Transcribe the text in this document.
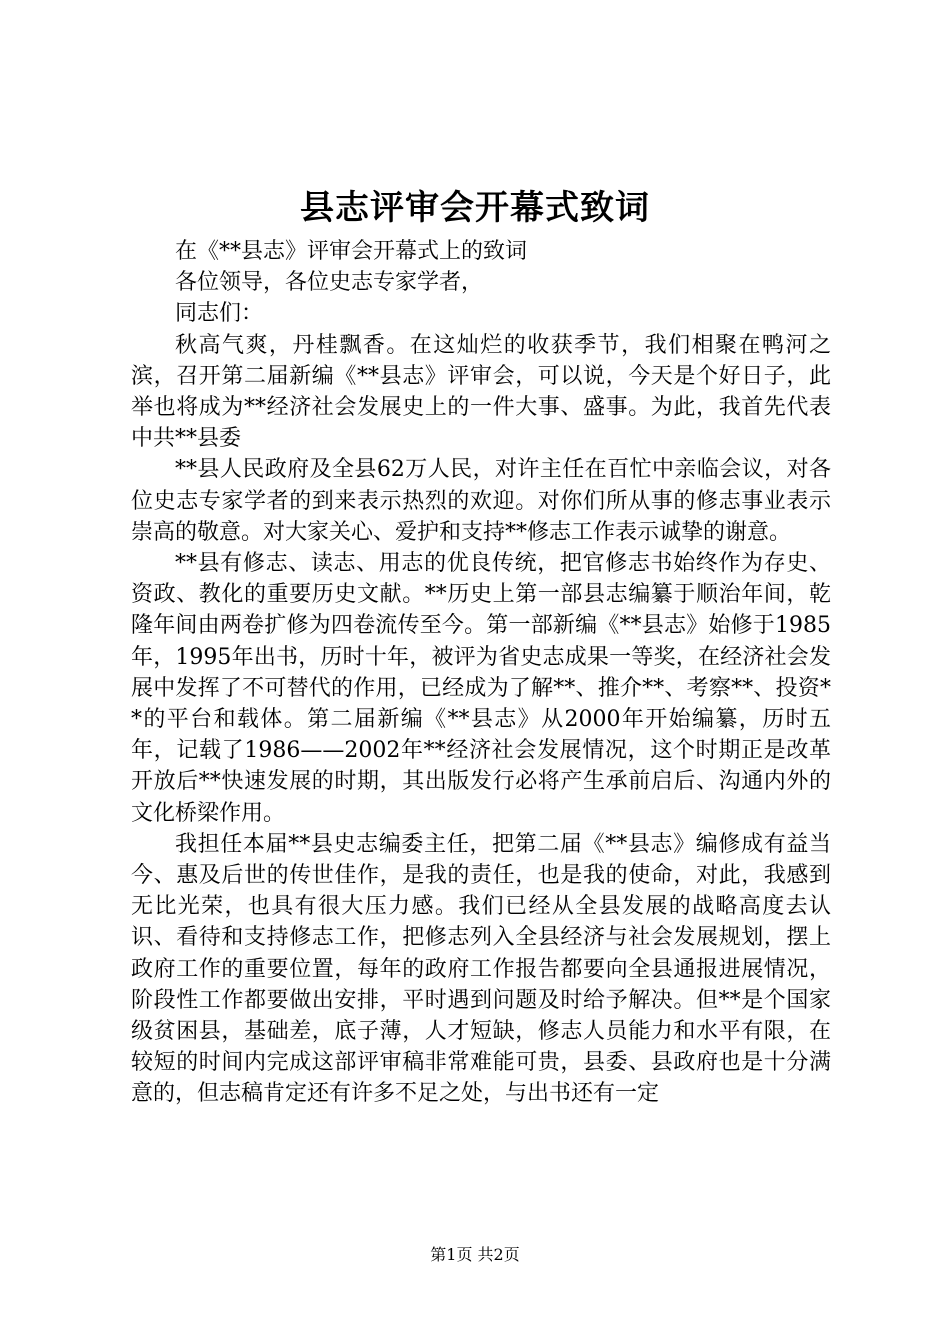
县志评审会开幕式致词

在《**县志》评审会开幕式上的致词

各位领导，各位史志专家学者，

同志们：

秋高气爽，丹桂飘香。在这灿烂的收获季节，我们相聚在鸭河之滨，召开第二届新编《**县志》评审会，可以说，今天是个好日子，此举也将成为**经济社会发展史上的一件大事、盛事。为此，我首先代表中共**县委

**县人民政府及全县62万人民，对许主任在百忙中亲临会议，对各位史志专家学者的到来表示热烈的欢迎。对你们所从事的修志事业表示崇高的敬意。对大家关心、爱护和支持**修志工作表示诚挚的谢意。

**县有修志、读志、用志的优良传统，把官修志书始终作为存史、资政、教化的重要历史文献。**历史上第一部县志编纂于顺治年间，乾隆年间由两卷扩修为四卷流传至今。第一部新编《**县志》始修于1985年，1995年出书，历时十年，被评为省史志成果一等奖，在经济社会发展中发挥了不可替代的作用，已经成为了解**、推介**、考察**、投资**的平台和载体。第二届新编《**县志》从2000年开始编纂，历时五年，记载了1986——2002年**经济社会发展情况，这个时期正是改革开放后**快速发展的时期，其出版发行必将产生承前启后、沟通内外的文化桥梁作用。

我担任本届**县史志编委主任，把第二届《**县志》编修成有益当今、惠及后世的传世佳作，是我的责任，也是我的使命，对此，我感到无比光荣，也具有很大压力感。我们已经从全县发展的战略高度去认识、看待和支持修志工作，把修志列入全县经济与社会发展规划，摆上政府工作的重要位置，每年的政府工作报告都要向全县通报进展情况，阶段性工作都要做出安排，平时遇到问题及时给予解决。但**是个国家级贫困县，基础差，底子薄，人才短缺，修志人员能力和水平有限，在较短的时间内完成这部评审稿非常难能可贵，县委、县政府也是十分满意的，但志稿肯定还有许多不足之处，与出书还有一定

第1页 共2页
